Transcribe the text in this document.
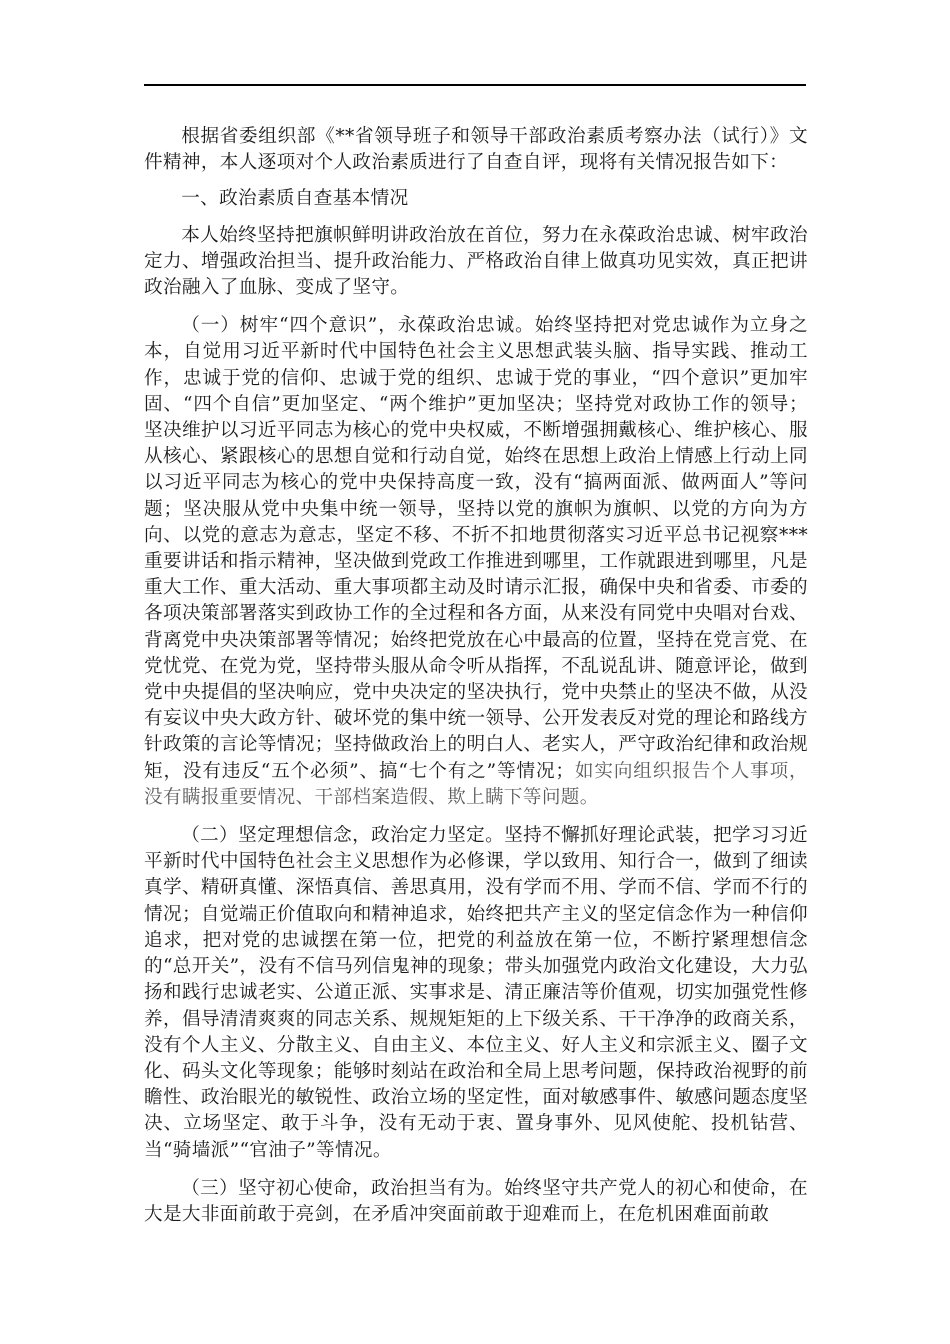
根据省委组织部《**省领导班子和领导干部政治素质考察办法（试行）》文件精神，本人逐项对个人政治素质进行了自查自评，现将有关情况报告如下：

一、政治素质自查基本情况

本人始终坚持把旗帜鲜明讲政治放在首位，努力在永葆政治忠诚、树牢政治定力、增强政治担当、提升政治能力、严格政治自律上做真功见实效，真正把讲政治融入了血脉、变成了坚守。

（一）树牢“四个意识”，永葆政治忠诚。始终坚持把对党忠诚作为立身之本，自觉用习近平新时代中国特色社会主义思想武装头脑、指导实践、推动工作，忠诚于党的信仰、忠诚于党的组织、忠诚于党的事业，“四个意识”更加牢固、“四个自信”更加坚定、“两个维护”更加坚决；坚持党对政协工作的领导；坚决维护以习近平同志为核心的党中央权威，不断增强拥戴核心、维护核心、服从核心、紧跟核心的思想自觉和行动自觉，始终在思想上政治上情感上行动上同以习近平同志为核心的党中央保持高度一致，没有“搞两面派、做两面人”等问题；坚决服从党中央集中统一领导，坚持以党的旗帜为旗帜、以党的方向为方向、以党的意志为意志，坚定不移、不折不扣地贯彻落实习近平总书记视察***重要讲话和指示精神，坚决做到党政工作推进到哪里，工作就跟进到哪里，凡是重大工作、重大活动、重大事项都主动及时请示汇报，确保中央和省委、市委的各项决策部署落实到政协工作的全过程和各方面，从来没有同党中央唱对台戏、背离党中央决策部署等情况；始终把党放在心中最高的位置，坚持在党言党、在党忧党、在党为党，坚持带头服从命令听从指挥，不乱说乱讲、随意评论，做到党中央提倡的坚决响应，党中央决定的坚决执行，党中央禁止的坚决不做，从没有妄议中央大政方针、破坏党的集中统一领导、公开发表反对党的理论和路线方针政策的言论等情况；坚持做政治上的明白人、老实人，严守政治纪律和政治规矩，没有违反“五个必须”、搞“七个有之”等情况；如实向组织报告个人事项，没有瞒报重要情况、干部档案造假、欺上瞒下等问题。

（二）坚定理想信念，政治定力坚定。坚持不懈抓好理论武装，把学习习近平新时代中国特色社会主义思想作为必修课，学以致用、知行合一，做到了细读真学、精研真懂、深悟真信、善思真用，没有学而不用、学而不信、学而不行的情况；自觉端正价值取向和精神追求，始终把共产主义的坚定信念作为一种信仰追求，把对党的忠诚摆在第一位，把党的利益放在第一位，不断拧紧理想信念的“总开关”，没有不信马列信鬼神的现象；带头加强党内政治文化建设，大力弘扬和践行忠诚老实、公道正派、实事求是、清正廉洁等价值观，切实加强党性修养，倡导清清爽爽的同志关系、规规矩矩的上下级关系、干干净净的政商关系，没有个人主义、分散主义、自由主义、本位主义、好人主义和宗派主义、圈子文化、码头文化等现象；能够时刻站在政治和全局上思考问题，保持政治视野的前瞻性、政治眼光的敏锐性、政治立场的坚定性，面对敏感事件、敏感问题态度坚决、立场坚定、敢于斗争，没有无动于衷、置身事外、见风使舵、投机钻营、当“骑墙派”“官油子”等情况。

（三）坚守初心使命，政治担当有为。始终坚守共产党人的初心和使命，在大是大非面前敢于亮剑，在矛盾冲突面前敢于迎难而上，在危机困难面前敢
